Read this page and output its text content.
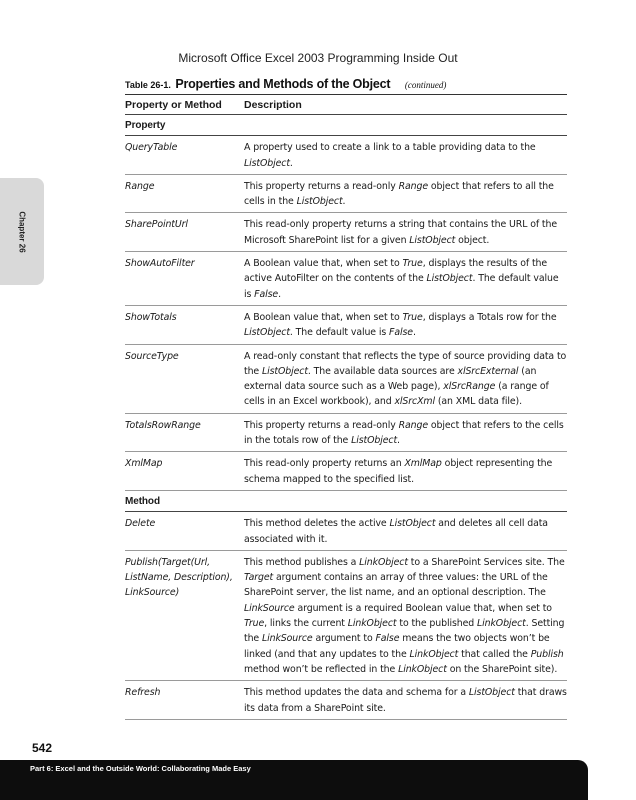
Microsoft Office Excel 2003 Programming Inside Out
Chapter 26
Table 26-1. Properties and Methods of the Object (continued)
Property or Method	Description
Property	
QueryTable	A property used to create a link to a table providing data to the ListObject.
Range	This property returns a read-only Range object that refers to all the cells in the ListObject.
SharePointUrl	This read-only property returns a string that contains the URL of the Microsoft SharePoint list for a given ListObject object.
ShowAutoFilter	A Boolean value that, when set to True, displays the results of the active AutoFilter on the contents of the ListObject. The default value is False.
ShowTotals	A Boolean value that, when set to True, displays a Totals row for the ListObject. The default value is False.
SourceType	A read-only constant that reflects the type of source providing data to the ListObject. The available data sources are xlSrcExternal (an external data source such as a Web page), xlSrcRange (a range of cells in an Excel workbook), and xlSrcXml (an XML data file).
TotalsRowRange	This property returns a read-only Range object that refers to the cells in the totals row of the ListObject.
XmlMap	This read-only property returns an XmlMap object representing the schema mapped to the specified list.
Method	
Delete	This method deletes the active ListObject and deletes all cell data associated with it.
Publish(Target(Url, ListName, Description), LinkSource)	This method publishes a LinkObject to a SharePoint Services site. The Target argument contains an array of three values: the URL of the SharePoint server, the list name, and an optional description. The LinkSource argument is a required Boolean value that, when set to True, links the current LinkObject to the published LinkObject. Setting the LinkSource argument to False means the two objects won’t be linked (and that any updates to the LinkObject that called the Publish method won’t be reflected in the LinkObject on the SharePoint site).
Refresh	This method updates the data and schema for a ListObject that draws its data from a SharePoint site.
542
Part 6: Excel and the Outside World: Collaborating Made Easy
